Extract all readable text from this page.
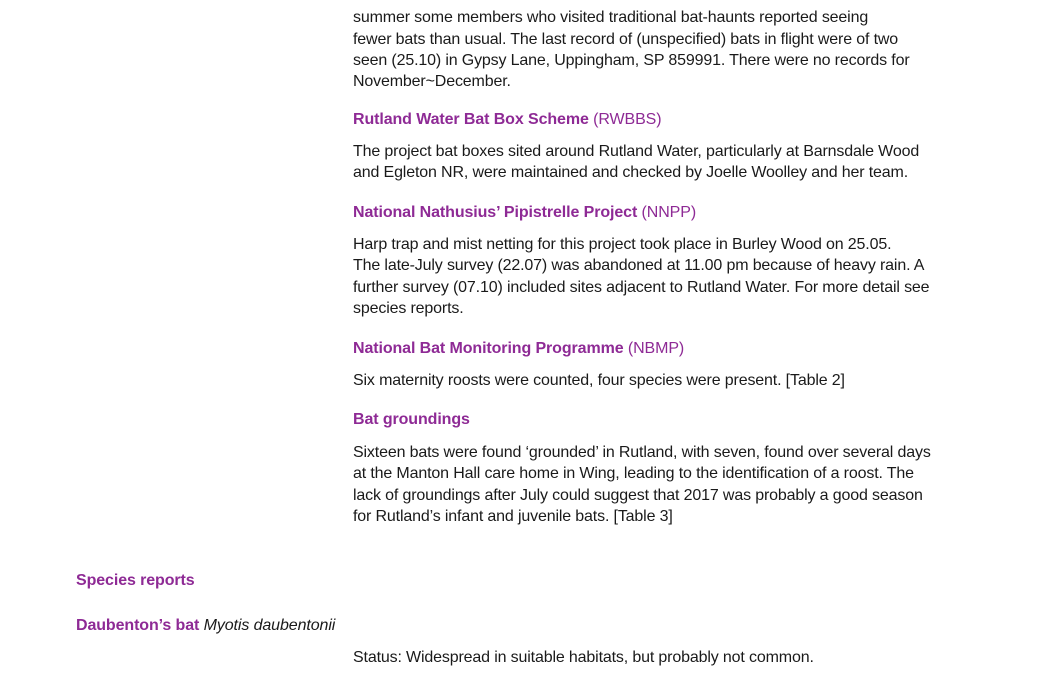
summer some members who visited traditional bat-haunts reported seeing
fewer bats than usual. The last record of (unspecified) bats in flight were of two
seen (25.10) in Gypsy Lane, Uppingham, SP 859991. There were no records for
November~December.

Rutland Water Bat Box Scheme (RWBBS)

The project bat boxes sited around Rutland Water, particularly at Barnsdale Wood
and Egleton NR, were maintained and checked by Joelle Woolley and her team.

National Nathusius’ Pipistrelle Project (NNPP)

Harp trap and mist netting for this project took place in Burley Wood on 25.05.
The late-July survey (22.07) was abandoned at 11.00 pm because of heavy rain. A
further survey (07.10) included sites adjacent to Rutland Water. For more detail see
species reports.

National Bat Monitoring Programme (NBMP)

Six maternity roosts were counted, four species were present. [Table 2]

Bat groundings

Sixteen bats were found ‘grounded’ in Rutland, with seven, found over several days
at the Manton Hall care home in Wing, leading to the identification of a roost. The
lack of groundings after July could suggest that 2017 was probably a good season
for Rutland’s infant and juvenile bats. [Table 3]

Species reports
Daubenton’s bat Myotis daubentonii

Status: Widespread in suitable habitats, but probably not common.
